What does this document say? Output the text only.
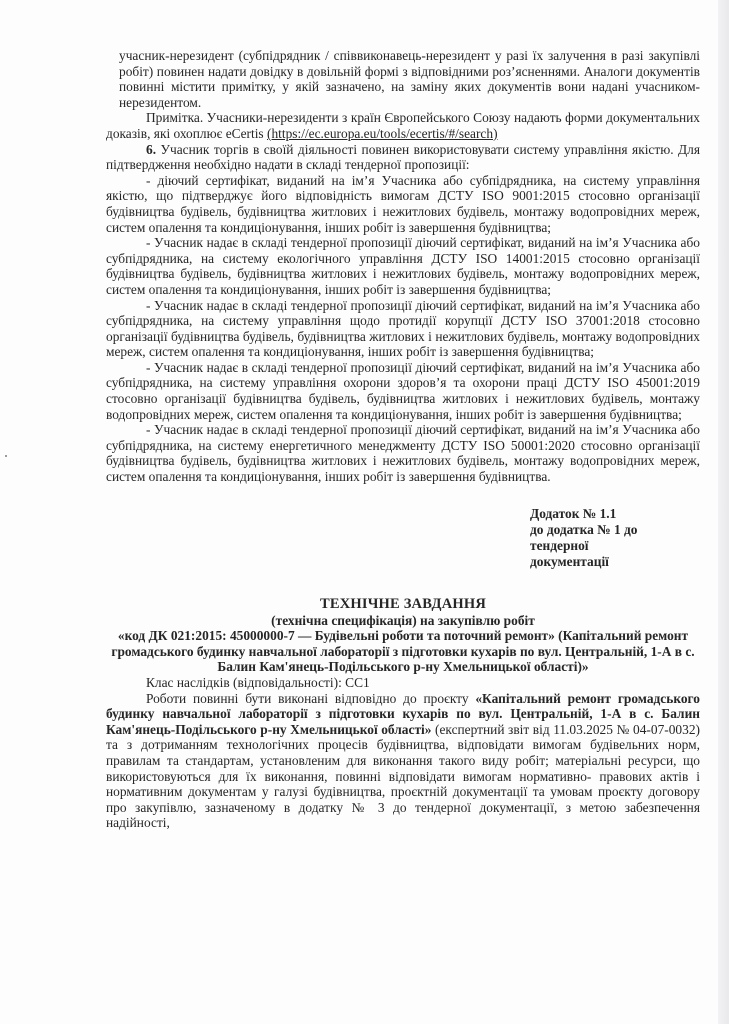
учасник-нерезидент (субпідрядник / співвиконавець-нерезидент у разі їх залучення в разі закупівлі робіт) повинен надати довідку в довільній формі з відповідними роз’ясненнями. Аналоги документів повинні містити примітку, у якій зазначено, на заміну яких документів вони надані учасником-нерезидентом.

Примітка. Учасники-нерезиденти з країн Європейського Союзу надають форми документальних доказів, які охоплює eCertis (https://ec.europa.eu/tools/ecertis/#/search)

6. Учасник торгів в своїй діяльності повинен використовувати систему управління якістю. Для підтвердження необхідно надати в складі тендерної пропозиції:

- діючий сертифікат, виданий на ім’я Учасника або субпідрядника, на систему управління якістю, що підтверджує його відповідність вимогам ДСТУ ISO 9001:2015 стосовно організації будівництва будівель, будівництва житлових і нежитлових будівель, монтажу водопровідних мереж, систем опалення та кондиціонування, інших робіт із завершення будівництва;

- Учасник надає в складі тендерної пропозиції діючий сертифікат, виданий на ім’я Учасника або субпідрядника, на систему екологічного управління ДСТУ ISO 14001:2015 стосовно організації будівництва будівель, будівництва житлових і нежитлових будівель, монтажу водопровідних мереж, систем опалення та кондиціонування, інших робіт із завершення будівництва;

- Учасник надає в складі тендерної пропозиції діючий сертифікат, виданий на ім’я Учасника або субпідрядника, на систему управління щодо протидії корупції ДСТУ ISO 37001:2018 стосовно організації будівництва будівель, будівництва житлових і нежитлових будівель, монтажу водопровідних мереж, систем опалення та кондиціонування, інших робіт із завершення будівництва;

- Учасник надає в складі тендерної пропозиції діючий сертифікат, виданий на ім’я Учасника або субпідрядника, на систему управління охорони здоров’я та охорони праці ДСТУ ISO 45001:2019 стосовно організації будівництва будівель, будівництва житлових і нежитлових будівель, монтажу водопровідних мереж, систем опалення та кондиціонування, інших робіт із завершення будівництва;

- Учасник надає в складі тендерної пропозиції діючий сертифікат, виданий на ім’я Учасника або субпідрядника, на систему енергетичного менеджменту ДСТУ ISO 50001:2020 стосовно організації будівництва будівель, будівництва житлових і нежитлових будівель, монтажу водопровідних мереж, систем опалення та кондиціонування, інших робіт із завершення будівництва.

Додаток № 1.1
до додатка № 1 до
тендерної
документації
ТЕХНІЧНЕ ЗАВДАННЯ
(технічна специфікація) на закупівлю робіт

«код ДК 021:2015: 45000000-7 — Будівельні роботи та поточний ремонт» (Капітальний ремонт громадського будинку навчальної лабораторії з підготовки кухарів по вул. Центральній, 1-А в с. Балин Кам'янець-Подільського р-ну Хмельницької області)»

Клас наслідків (відповідальності): СС1

Роботи повинні бути виконані відповідно до проєкту «Капітальний ремонт громадського будинку навчальної лабораторії з підготовки кухарів по вул. Центральній, 1-А в с. Балин Кам'янець-Подільського р-ну Хмельницької області» (експертний звіт від 11.03.2025 № 04-07-0032) та з дотриманням технологічних процесів будівництва, відповідати вимогам будівельних норм, правилам та стандартам, установленим для виконання такого виду робіт; матеріальні ресурси, що використовуються для їх виконання, повинні відповідати вимогам нормативно- правових актів і нормативним документам у галузі будівництва, проєктній документації та умовам проєкту договору про закупівлю, зазначеному в додатку № 3 до тендерної документації, з метою забезпечення надійності,
